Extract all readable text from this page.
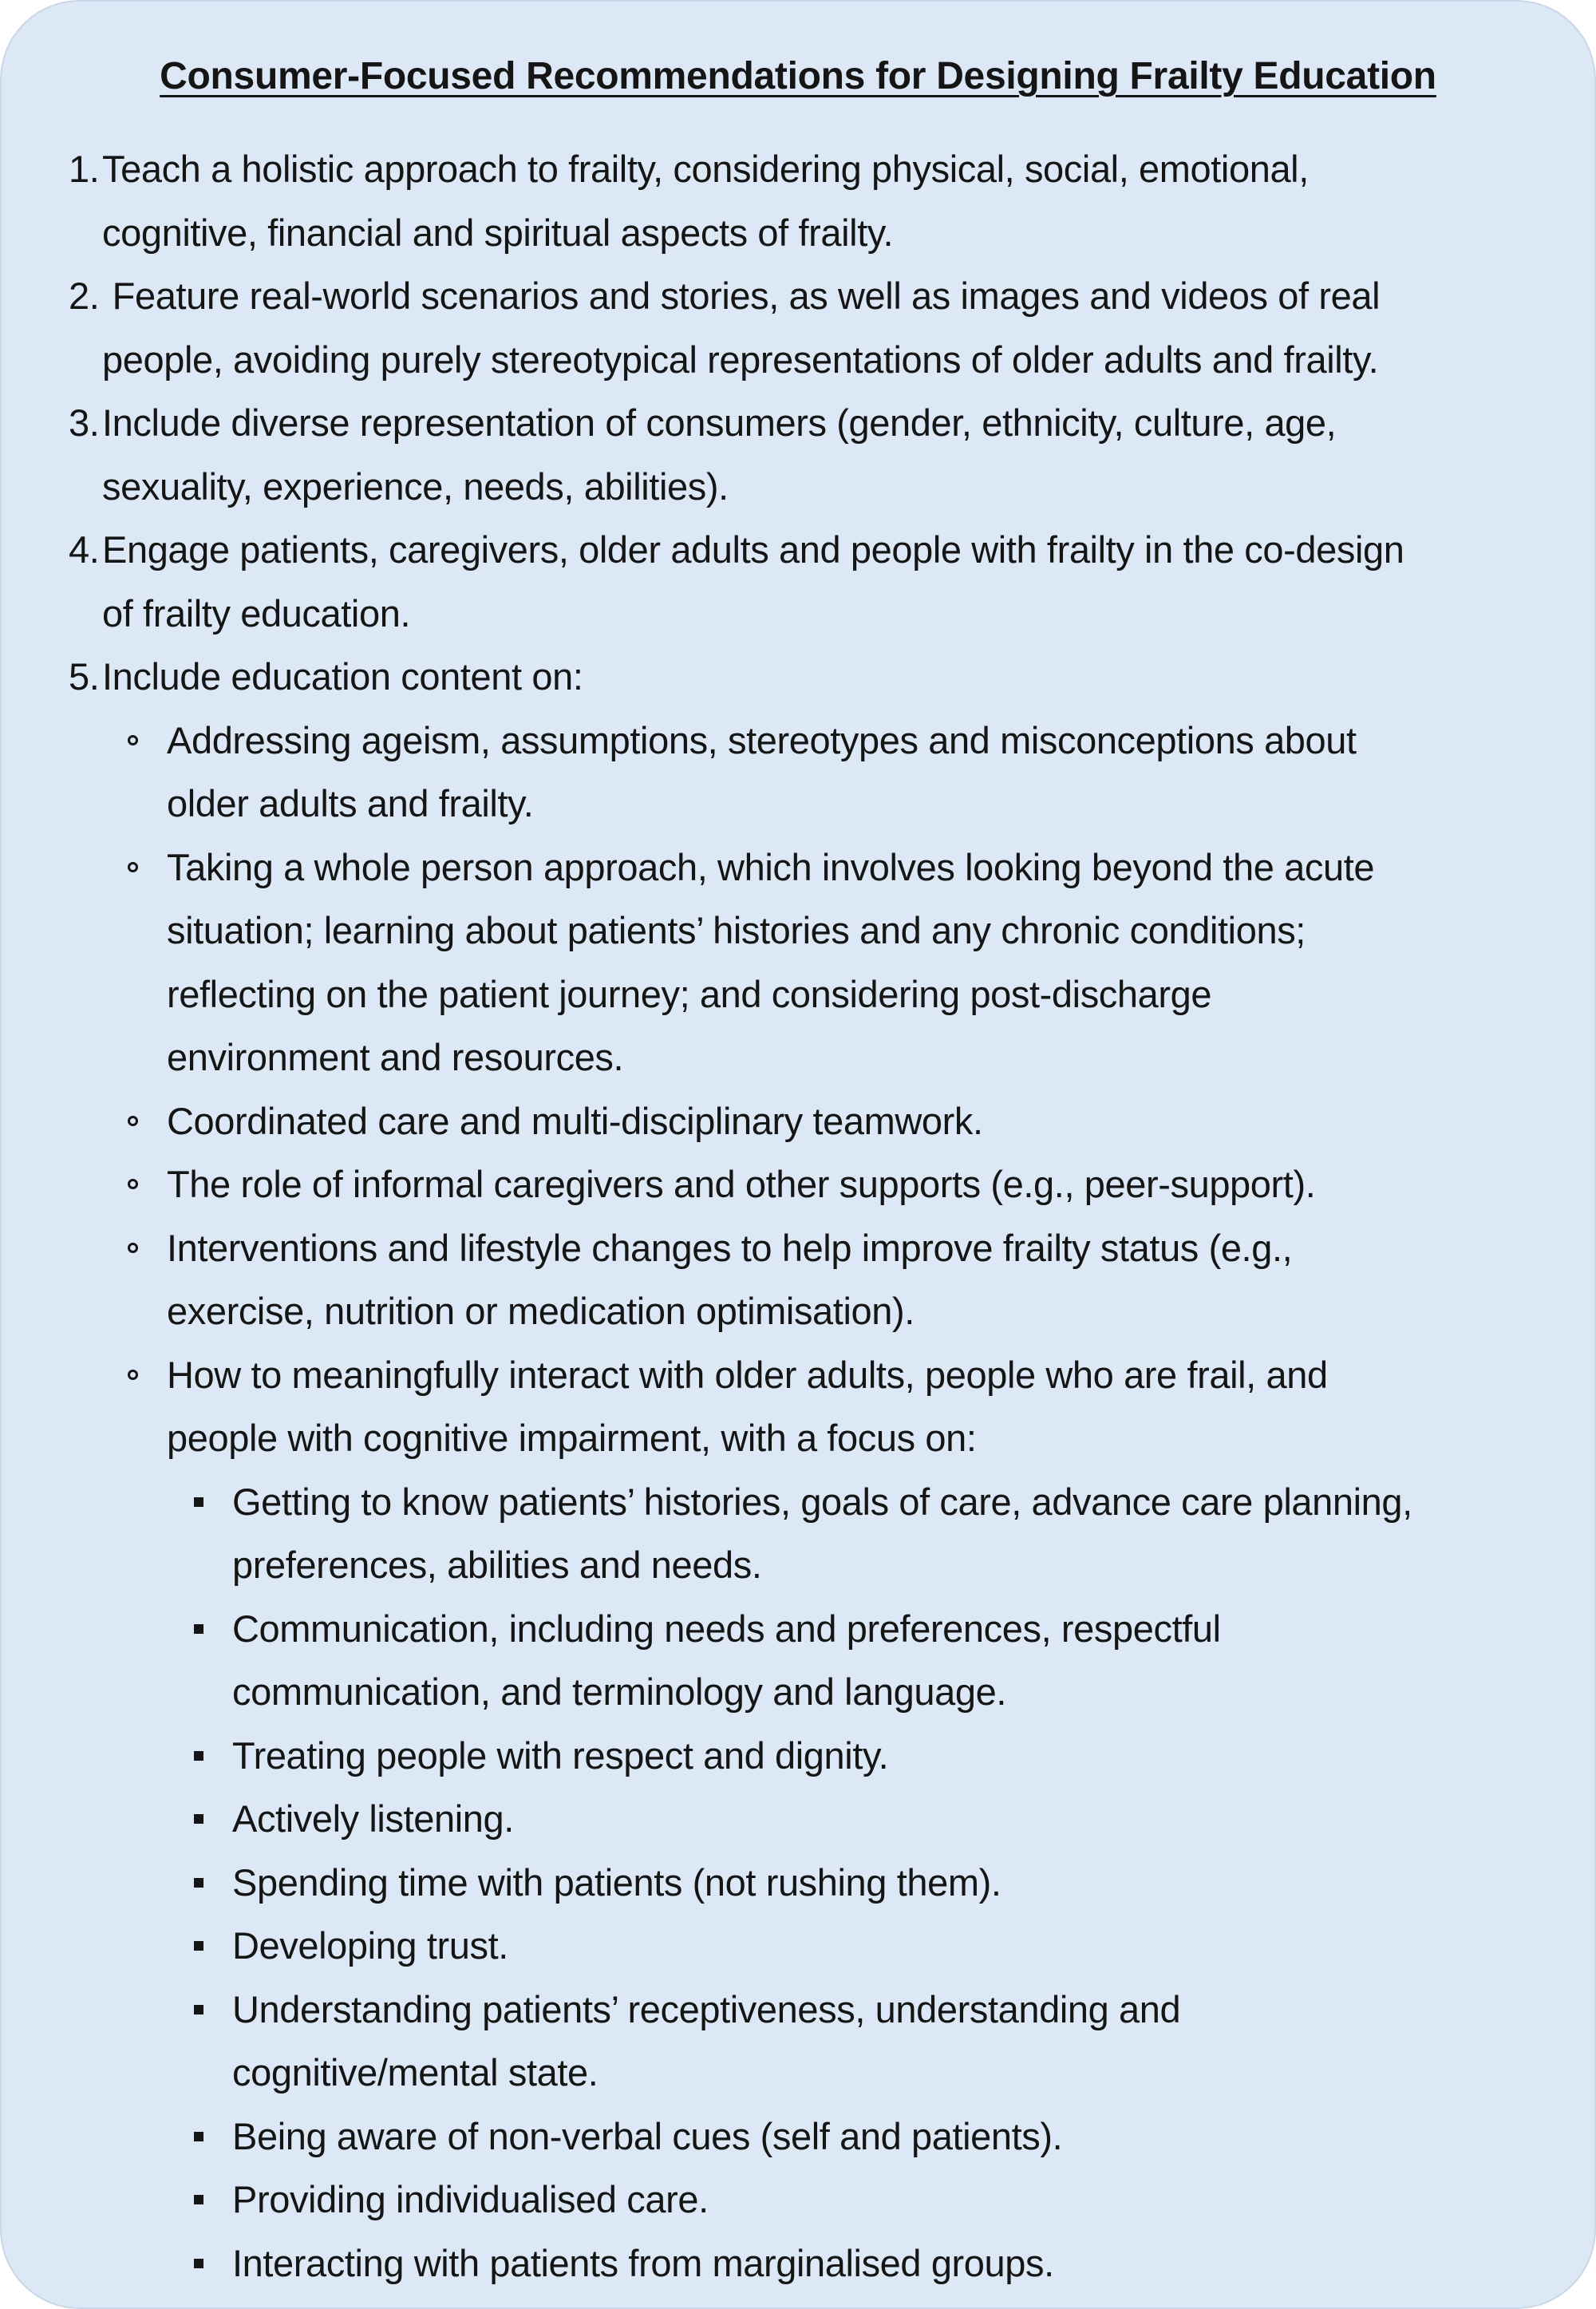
Consumer-Focused Recommendations for Designing Frailty Education
1. Teach a holistic approach to frailty, considering physical, social, emotional,
cognitive, financial and spiritual aspects of frailty.
2. Feature real-world scenarios and stories, as well as images and videos of real
people, avoiding purely stereotypical representations of older adults and frailty.
3. Include diverse representation of consumers (gender, ethnicity, culture, age,
sexuality, experience, needs, abilities).
4. Engage patients, caregivers, older adults and people with frailty in the co-design
of frailty education.
5. Include education content on:
Addressing ageism, assumptions, stereotypes and misconceptions about
older adults and frailty.
Taking a whole person approach, which involves looking beyond the acute
situation; learning about patients’ histories and any chronic conditions;
reflecting on the patient journey; and considering post-discharge
environment and resources.
Coordinated care and multi-disciplinary teamwork.
The role of informal caregivers and other supports (e.g., peer-support).
Interventions and lifestyle changes to help improve frailty status (e.g.,
exercise, nutrition or medication optimisation).
How to meaningfully interact with older adults, people who are frail, and
people with cognitive impairment, with a focus on:
Getting to know patients’ histories, goals of care, advance care planning,
preferences, abilities and needs.
Communication, including needs and preferences, respectful
communication, and terminology and language.
Treating people with respect and dignity.
Actively listening.
Spending time with patients (not rushing them).
Developing trust.
Understanding patients’ receptiveness, understanding and
cognitive/mental state.
Being aware of non-verbal cues (self and patients).
Providing individualised care.
Interacting with patients from marginalised groups.
